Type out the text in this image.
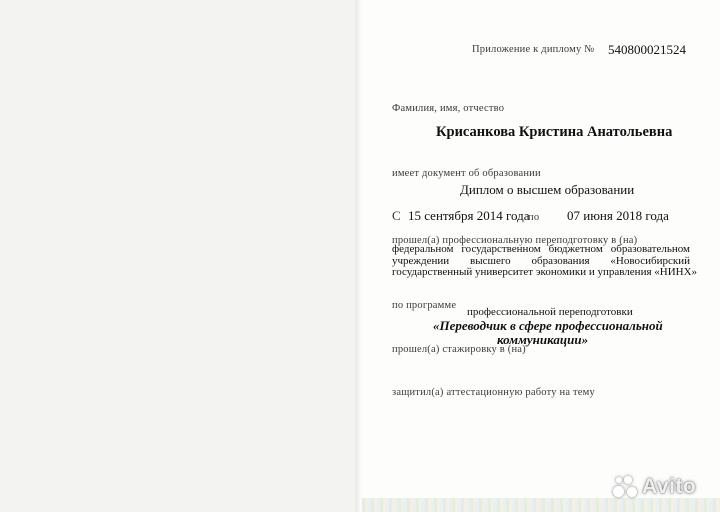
Приложение к диплому № 540800021524
Фамилия, имя, отчество
Крисанкова Кристина Анатольевна
имеет документ об образовании
Диплом о высшем образовании
С 15 сентября 2014 года
по 07 июня 2018 года
прошел(а) профессиональную переподготовку в (на)
федеральном государственном бюджетном образовательном
учреждении высшего образования «Новосибирский
государственный университет экономики и управления «НИНХ»
по программе
профессиональной переподготовки
«Переводчик в сфере профессиональной
коммуникации»
прошел(а) стажировку в (на)
защитил(а) аттестационную работу на тему
Avito
